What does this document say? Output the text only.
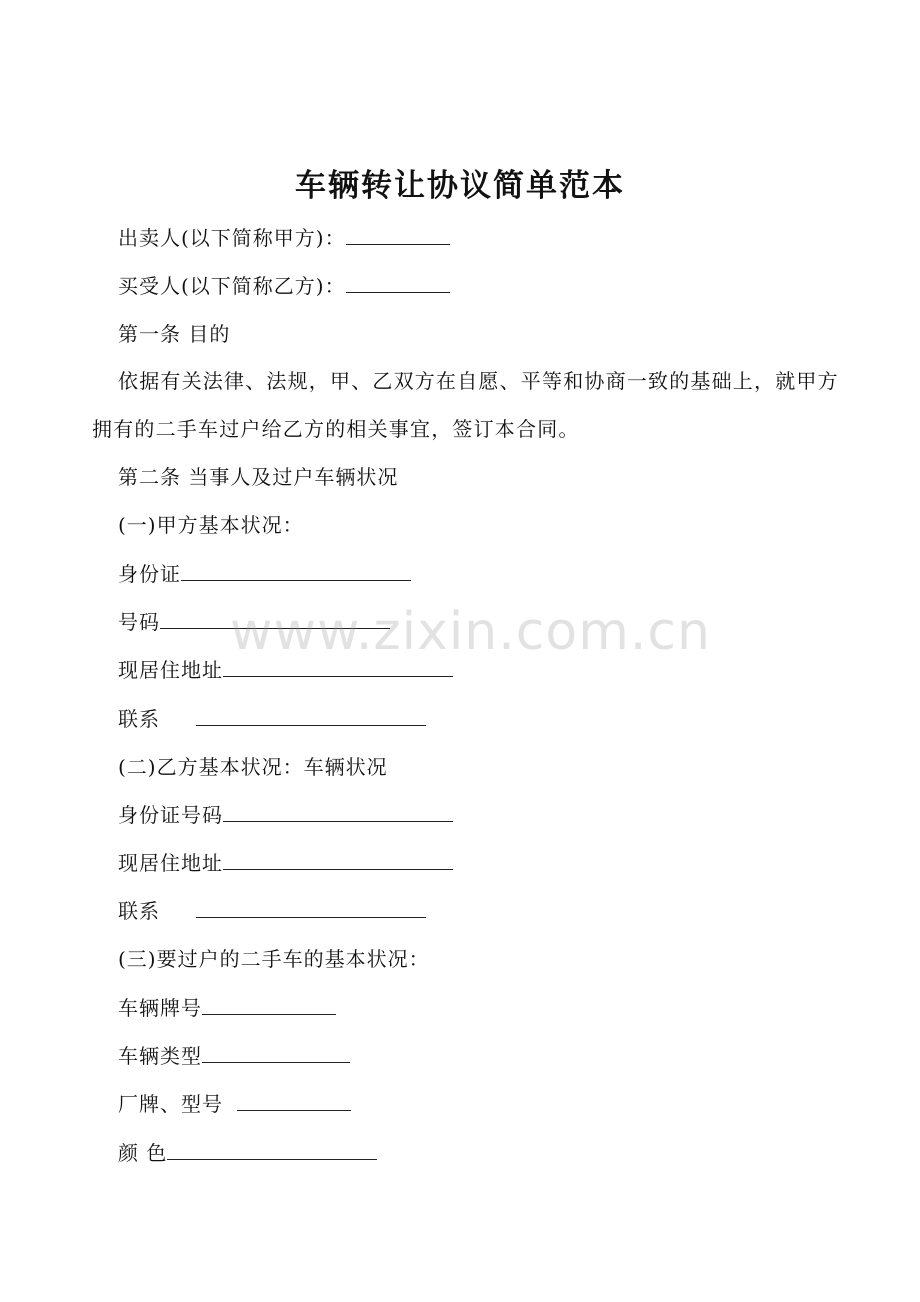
车辆转让协议简单范本
出卖人(以下简称甲方)：
买受人(以下简称乙方)：
第一条 目的
依据有关法律、法规，甲、乙双方在自愿、平等和协商一致的基础上，就甲方拥有的二手车过户给乙方的相关事宜，签订本合同。
第二条 当事人及过户车辆状况
(一)甲方基本状况：
身份证
号码
现居住地址
联系
(二)乙方基本状况：车辆状况
身份证号码
现居住地址
联系
(三)要过户的二手车的基本状况：
车辆牌号
车辆类型
厂牌、型号
颜 色
www.zixin.com.cn
